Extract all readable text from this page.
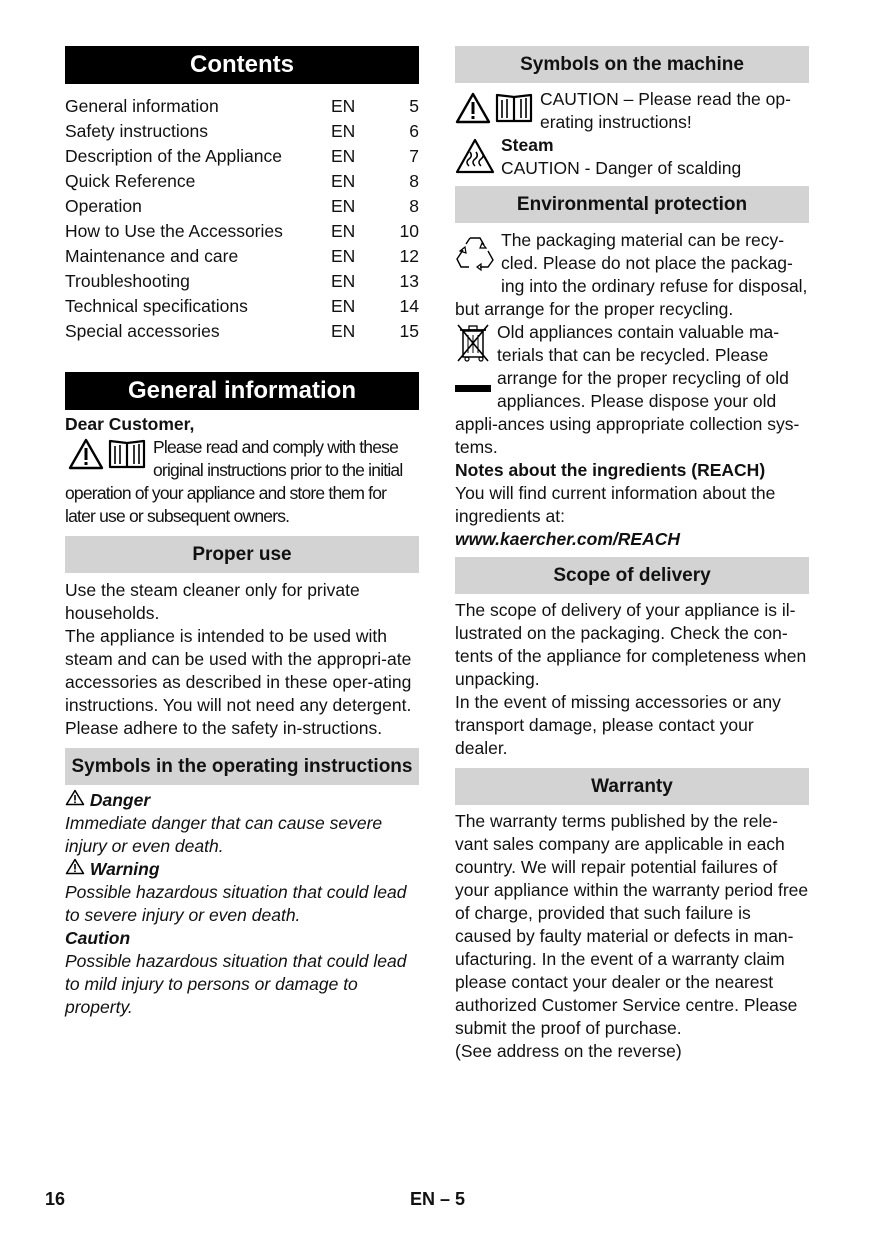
Contents
General information	EN	5
Safety instructions	EN	6
Description of the Appliance	EN	7
Quick Reference	EN	8
Operation	EN	8
How to Use the Accessories	EN	10
Maintenance and care	EN	12
Troubleshooting	EN	13
Technical specifications	EN	14
Special accessories	EN	15
General information

Dear Customer,

Please read and comply with these

original instructions prior to the initial

operation of your appliance and store them for

later use or subsequent owners.

Proper use

Use the steam cleaner only for private households.
The appliance is intended to be used with steam and can be used with the appropri-ate accessories as described in these oper-ating instructions. You will not need any detergent. Please adhere to the safety in-structions.

Symbols in the operating instructions

Danger

Immediate danger that can cause severe injury or even death.

Warning

Possible hazardous situation that could lead to severe injury or even death.

Caution

Possible hazardous situation that could lead to mild injury to persons or damage to property.

Symbols on the machine

CAUTION – Please read the op-erating instructions!

Steam

CAUTION - Danger of scalding

Environmental protection

The packaging material can be recy-cled. Please do not place the packag-ing into the ordinary refuse for disposal, but arrange for the proper recycling.

Old appliances contain valuable ma-terials that can be recycled. Please arrange for the proper recycling of old appliances. Please dispose your old appli-ances using appropriate collection sys-tems.

Notes about the ingredients (REACH)

You will find current information about the ingredients at:

www.kaercher.com/REACH

Scope of delivery

The scope of delivery of your appliance is il-lustrated on the packaging. Check the con-tents of the appliance for completeness when unpacking.

In the event of missing accessories or any transport damage, please contact your dealer.

Warranty

The warranty terms published by the rele-vant sales company are applicable in each country. We will repair potential failures of your appliance within the warranty period free of charge, provided that such failure is caused by faulty material or defects in man-ufacturing. In the event of a warranty claim please contact your dealer or the nearest authorized Customer Service centre. Please submit the proof of purchase.

(See address on the reverse)

16	EN – 5
